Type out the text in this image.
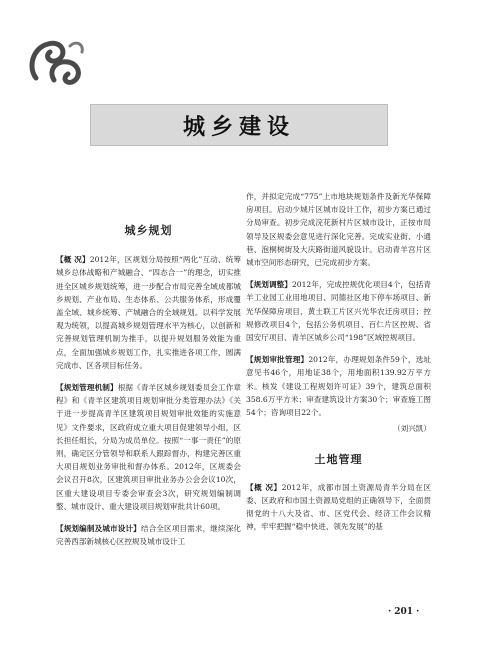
城乡建设
城乡规划

【概 况】2012年，区规划分局按照“两化”互动、统筹城乡总体战略和产城融合、“四态合一”的理念，切实推进全区城乡规划统筹，进一步配合市局完善全域成都城乡规划、产业布局、生态体系、公共服务体系，形成覆盖全域、城乡统筹、产城融合的全域规划。以科学发展观为统领，以提高城乡规划管理水平为核心，以创新和完善规划管理机制为推手，以提升规划服务效能为重点，全面加强城乡规划工作，扎实推进各项工作，圆满完成市、区各项目标任务。

【规划管理机制】根据《青羊区城乡规划委员会工作章程》和《青羊区建筑项目规划审批分类管理办法》《关于进一步提高青羊区建筑项目规划审批效能的实施意见》文件要求，区政府成立重大项目促建领导小组，区长担任组长，分局为成员单位。按照“一事一责任”的原则，确定区分管领导和联系人跟踪督办，构建完善区重大项目规划业务审批和督办体系。2012年，区规委会会议召开8次，区建筑项目审批业务办公会会议10次，区重大建设项目专委会审查会3次，研究规划编制调整、城市设计、重大建设项目规划审批共计60项。

【规划编制及城市设计】结合全区项目需求，继续深化完善西部新城核心区控规及城市设计工

作，并拟定完成“775”上市地块规划条件及新光华保障房项目。启动少城片区城市设计工作，初步方案已通过分局审查。初步完成浣花新村片区城市设计，正按市局领导及区规委会意见进行深化完善。完成实业街、小通巷、泡桐树街及大庆路街道风貌设计。启动青羊宫片区城市空间形态研究，已完成初步方案。

【规划调整】2012年，完成控规优化项目4个，包括青羊工业园工业用地项目、同德社区地下停车场项目、新光华保障房项目、黄土联工片区兴光华农迁房项目；控规修改项目4个，包括公务机项目、百仁片区控规、省国安厅项目、青羊区城乡公司“198”区域控规项目。

【规划审批管理】2012年，办理规划条件59个，选址意见书46个，用地证38个，用地面积139.92万平方米。核发《建设工程规划许可证》39个，建筑总面积358.6万平方米；审查建筑设计方案30个；审查施工图54个；咨询项目22个。

（刘兴凯）

土地管理

【概 况】2012年，成都市国土资源局青羊分局在区委、区政府和市国土资源局党组的正确领导下，全面贯彻党的十八大及省、市、区党代会、经济工作会议精神，牢牢把握“稳中快进、领先发展”的基

· 201 ·
